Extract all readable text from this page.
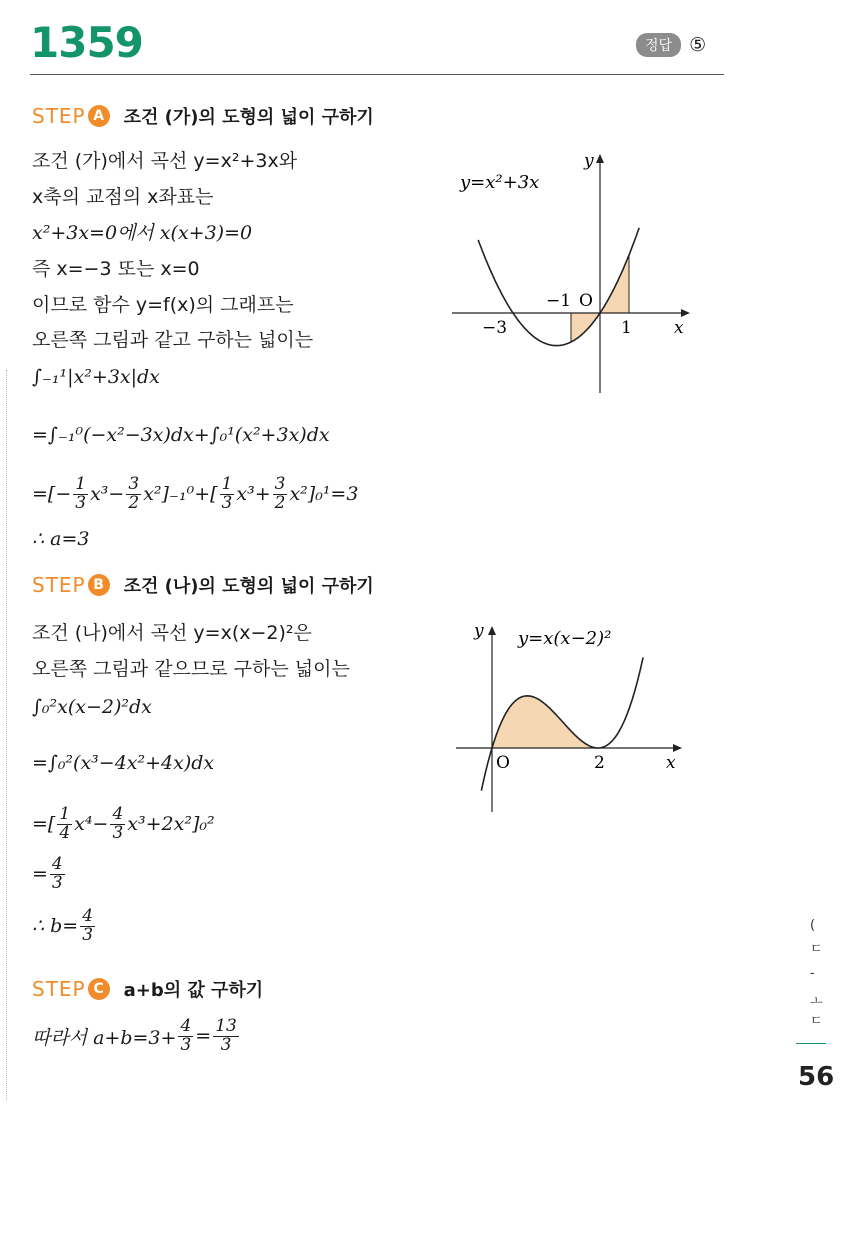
1359	정답 ⑤
STEP A	조건 (가)의 도형의 넓이 구하기
조건 (가)에서 곡선 y=x²+3x와
x축의 교점의 x좌표는
x²+3x=0에서 x(x+3)=0
즉 x=−3 또는 x=0
이므로 함수 y=f(x)의 그래프는
오른쪽 그림과 같고 구하는 넓이는
∫₋₁¹|x²+3x|dx
=∫₋₁⁰(−x²−3x)dx+∫₀¹(x²+3x)dx
=[− $\frac{1}{3} x^3- \frac{3}{2} x^2]_{-1}^0+[ \frac{1}{3} x^3+ \frac{3}{2} x^2]_0^1=3$
∴ a=3
y=x²+3x
y
x
−3
−1 O
1
STEP B	조건 (나)의 도형의 넓이 구하기
조건 (나)에서 곡선 y=x(x−2)²은
오른쪽 그림과 같으므로 구하는 넓이는
∫₀²x(x−2)²dx
=∫₀²(x³−4x²+4x)dx
=[ $\frac{1}{4} x^4- \frac{4}{3} x^3+2x^2]_0^2$
= $\frac{4}{3}$
∴ $b= \frac{4}{3}$
y y=x(x−2)²
O	2	x
STEP C	a+b의 값 구하기
따라서 $a+b=3+ \frac{4}{3} = \frac{13}{3}$
(
ㄷ
-
ㅗ
ㄷ
56
